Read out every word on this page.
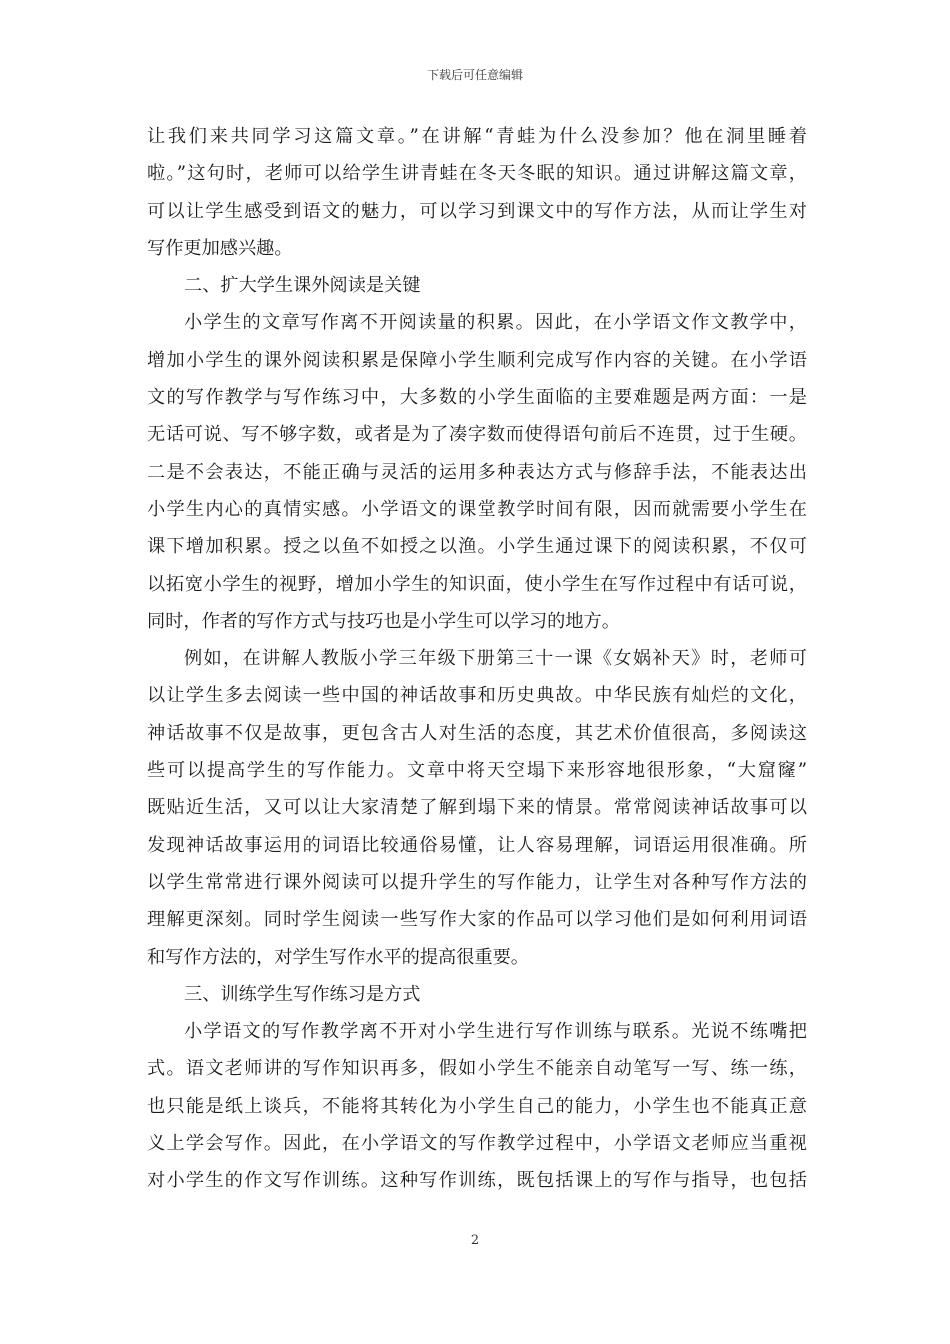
下载后可任意编辑
让我们来共同学习这篇文章。”在讲解“青蛙为什么没参加？他在洞里睡着
啦。”这句时，老师可以给学生讲青蛙在冬天冬眠的知识。通过讲解这篇文章，
可以让学生感受到语文的魅力，可以学习到课文中的写作方法，从而让学生对
写作更加感兴趣。
二、扩大学生课外阅读是关键
小学生的文章写作离不开阅读量的积累。因此，在小学语文作文教学中，
增加小学生的课外阅读积累是保障小学生顺利完成写作内容的关键。在小学语
文的写作教学与写作练习中，大多数的小学生面临的主要难题是两方面：一是
无话可说、写不够字数，或者是为了凑字数而使得语句前后不连贯，过于生硬。
二是不会表达，不能正确与灵活的运用多种表达方式与修辞手法，不能表达出
小学生内心的真情实感。小学语文的课堂教学时间有限，因而就需要小学生在
课下增加积累。授之以鱼不如授之以渔。小学生通过课下的阅读积累，不仅可
以拓宽小学生的视野，增加小学生的知识面，使小学生在写作过程中有话可说，
同时，作者的写作方式与技巧也是小学生可以学习的地方。
例如，在讲解人教版小学三年级下册第三十一课《女娲补天》时，老师可
以让学生多去阅读一些中国的神话故事和历史典故。中华民族有灿烂的文化，
神话故事不仅是故事，更包含古人对生活的态度，其艺术价值很高，多阅读这
些可以提高学生的写作能力。文章中将天空塌下来形容地很形象，“大窟窿”
既贴近生活，又可以让大家清楚了解到塌下来的情景。常常阅读神话故事可以
发现神话故事运用的词语比较通俗易懂，让人容易理解，词语运用很准确。所
以学生常常进行课外阅读可以提升学生的写作能力，让学生对各种写作方法的
理解更深刻。同时学生阅读一些写作大家的作品可以学习他们是如何利用词语
和写作方法的，对学生写作水平的提高很重要。
三、训练学生写作练习是方式
小学语文的写作教学离不开对小学生进行写作训练与联系。光说不练嘴把
式。语文老师讲的写作知识再多，假如小学生不能亲自动笔写一写、练一练，
也只能是纸上谈兵，不能将其转化为小学生自己的能力，小学生也不能真正意
义上学会写作。因此，在小学语文的写作教学过程中，小学语文老师应当重视
对小学生的作文写作训练。这种写作训练，既包括课上的写作与指导，也包括
2
